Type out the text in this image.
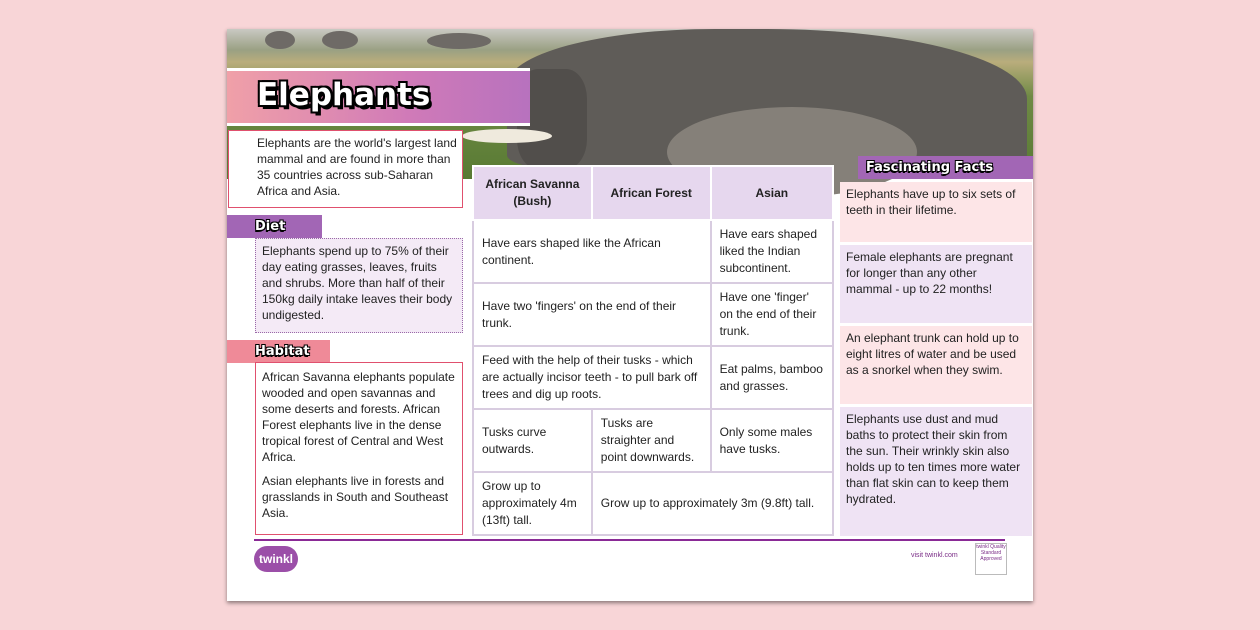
Elephants
Elephants are the world's largest land mammal and are found in more than 35 countries across sub-Saharan Africa and Asia.
Diet
Elephants spend up to 75% of their day eating grasses, leaves, fruits and shrubs. More than half of their 150kg daily intake leaves their body undigested.
Habitat

African Savanna elephants populate wooded and open savannas and some deserts and forests. African Forest elephants live in the dense tropical forest of Central and West Africa.

Asian elephants live in forests and grasslands in South and Southeast Asia.

African Savanna (Bush)	African Forest	Asian
Have ears shaped like the African continent.		Have ears shaped liked the Indian subcontinent.
Have two 'fingers' on the end of their trunk.		Have one 'finger' on the end of their trunk.
Feed with the help of their tusks - which are actually incisor teeth - to pull bark off trees and dig up roots.		Eat palms, bamboo and grasses.
Tusks curve outwards.	Tusks are straighter and point downwards.	Only some males have tusks.
Grow up to approximately 4m (13ft) tall.	Grow up to approximately 3m (9.8ft) tall.	
Fascinating Facts
Elephants have up to six sets of teeth in their lifetime.
Female elephants are pregnant for longer than any other mammal - up to 22 months!
An elephant trunk can hold up to eight litres of water and be used as a snorkel when they swim.
Elephants use dust and mud baths to protect their skin from the sun. Their wrinkly skin also holds up to ten times more water than flat skin can to keep them hydrated.
twinkl	visit twinkl.com
twinkl Quality Standard Approved
